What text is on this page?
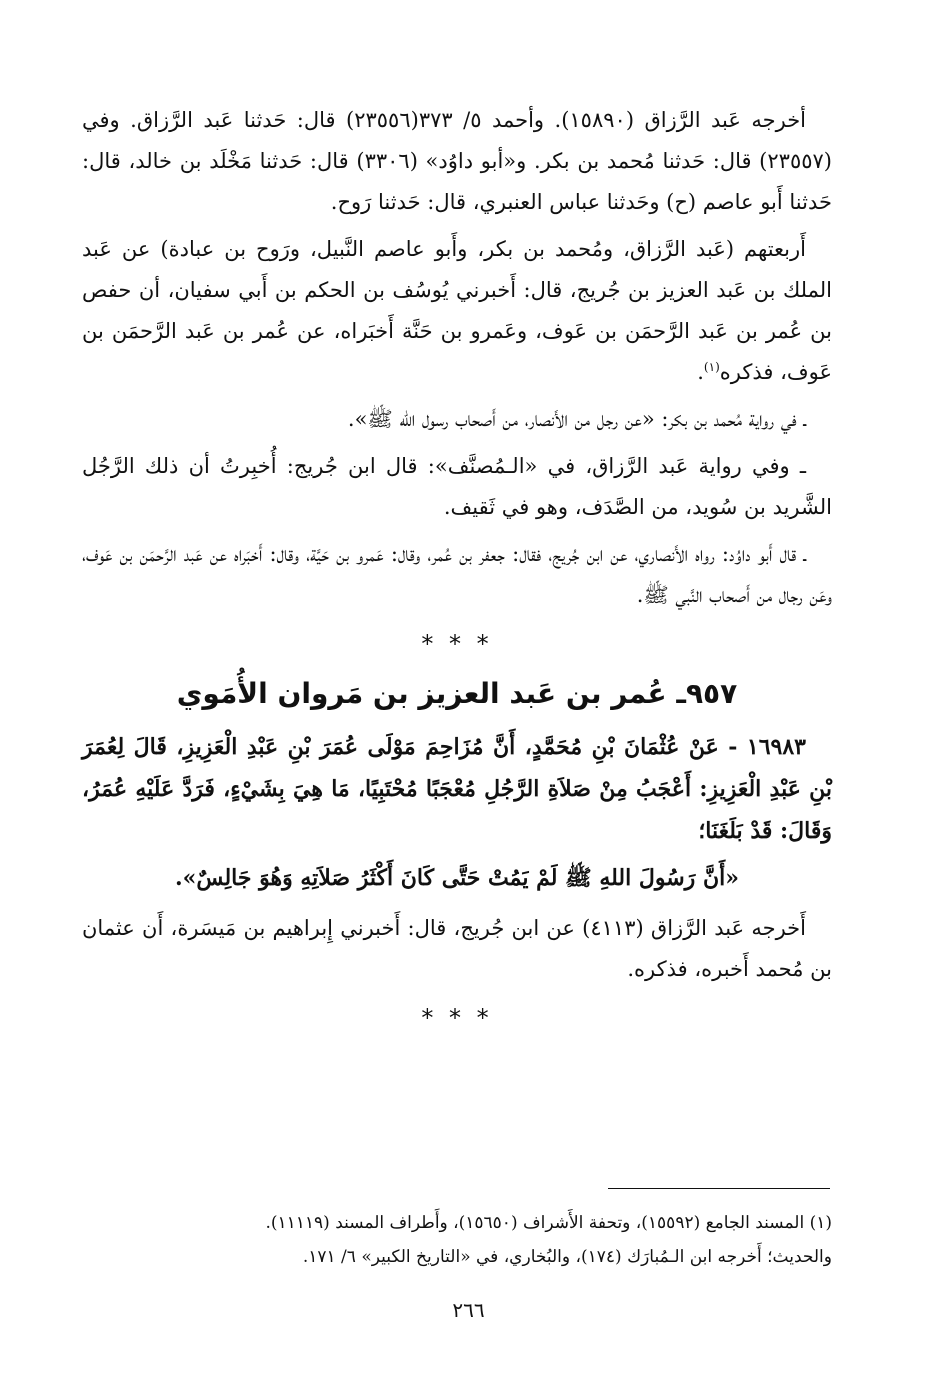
أخرجه عَبد الرَّزاق (١٥٨٩٠). وأحمد ٥/ ٣٧٣(٢٣٥٥٦) قال: حَدثنا عَبد الرَّزاق. وفي (٢٣٥٥٧) قال: حَدثنا مُحمد بن بكر. و«أبو داوُد» (٣٣٠٦) قال: حَدثنا مَخْلَد بن خالد، قال: حَدثنا أَبو عاصم (ح) وحَدثنا عباس العنبري، قال: حَدثنا رَوح.

أَربعتهم (عَبد الرَّزاق، ومُحمد بن بكر، وأَبو عاصم النَّبيل، ورَوح بن عبادة) عن عَبد الملك بن عَبد العزيز بن جُريج، قال: أَخبرني يُوسُف بن الحكم بن أَبي سفيان، أن حفص بن عُمر بن عَبد الرَّحمَن بن عَوف، وعَمرو بن حَنَّة أَخبَراه، عن عُمر بن عَبد الرَّحمَن بن عَوف، فذكره$^{(١)}$.

ـ في رواية مُحمد بن بكر: «عن رجل من الأَنصار، من أَصحاب رسول الله ﷺ».

ـ وفي رواية عَبد الرَّزاق، في «الـمُصنَّف»: قال ابن جُريج: أُخبِرتُ أن ذلك الرَّجُل الشَّريد بن سُويد، من الصَّدَف، وهو في ثَقيف.

ـ قال أَبو داوُد: رواه الأَنصاري، عن ابن جُريج، فقال: جعفر بن عُمر، وقال: عَمرو بن حَيَّة، وقال: أَخبَراه عن عَبد الرَّحمَن بن عَوف، وعَن رجال من أَصحاب النَّبي ﷺ.

* * *
٩٥٧ـ عُمر بن عَبد العزيز بن مَروان الأُمَوي

١٦٩٨٣ - عَنْ عُثْمَانَ بْنِ مُحَمَّدٍ، أَنَّ مُزَاحِمَ مَوْلَى عُمَرَ بْنِ عَبْدِ الْعَزِيزِ، قَالَ لِعُمَرَ بْنِ عَبْدِ الْعَزِيزِ: أَعْجَبُ مِنْ صَلاَةِ الرَّجُلِ مُعْجَبًا مُحْتَبِيًا، مَا هِيَ بِشَيْءٍ، فَرَدَّ عَلَيْهِ عُمَرُ، وَقَالَ: قَدْ بَلَغَنَا؛

«أَنَّ رَسُولَ اللهِ ﷺ لَمْ يَمُتْ حَتَّى كَانَ أَكْثَرُ صَلاَتِهِ وَهُوَ جَالِسٌ».

أَخرجه عَبد الرَّزاق (٤١١٣) عن ابن جُريج، قال: أَخبرني إِبراهيم بن مَيسَرة، أَن عثمان بن مُحمد أَخبره، فذكره.

* * *

(١) المسند الجامع (١٥٥٩٢)، وتحفة الأَشراف (١٥٦٥٠)، وأَطراف المسند (١١١١٩).

والحديث؛ أَخرجه ابن الـمُبارَك (١٧٤)، والبُخاري، في «التاريخ الكبير» ٦/ ١٧١.

٢٦٦
